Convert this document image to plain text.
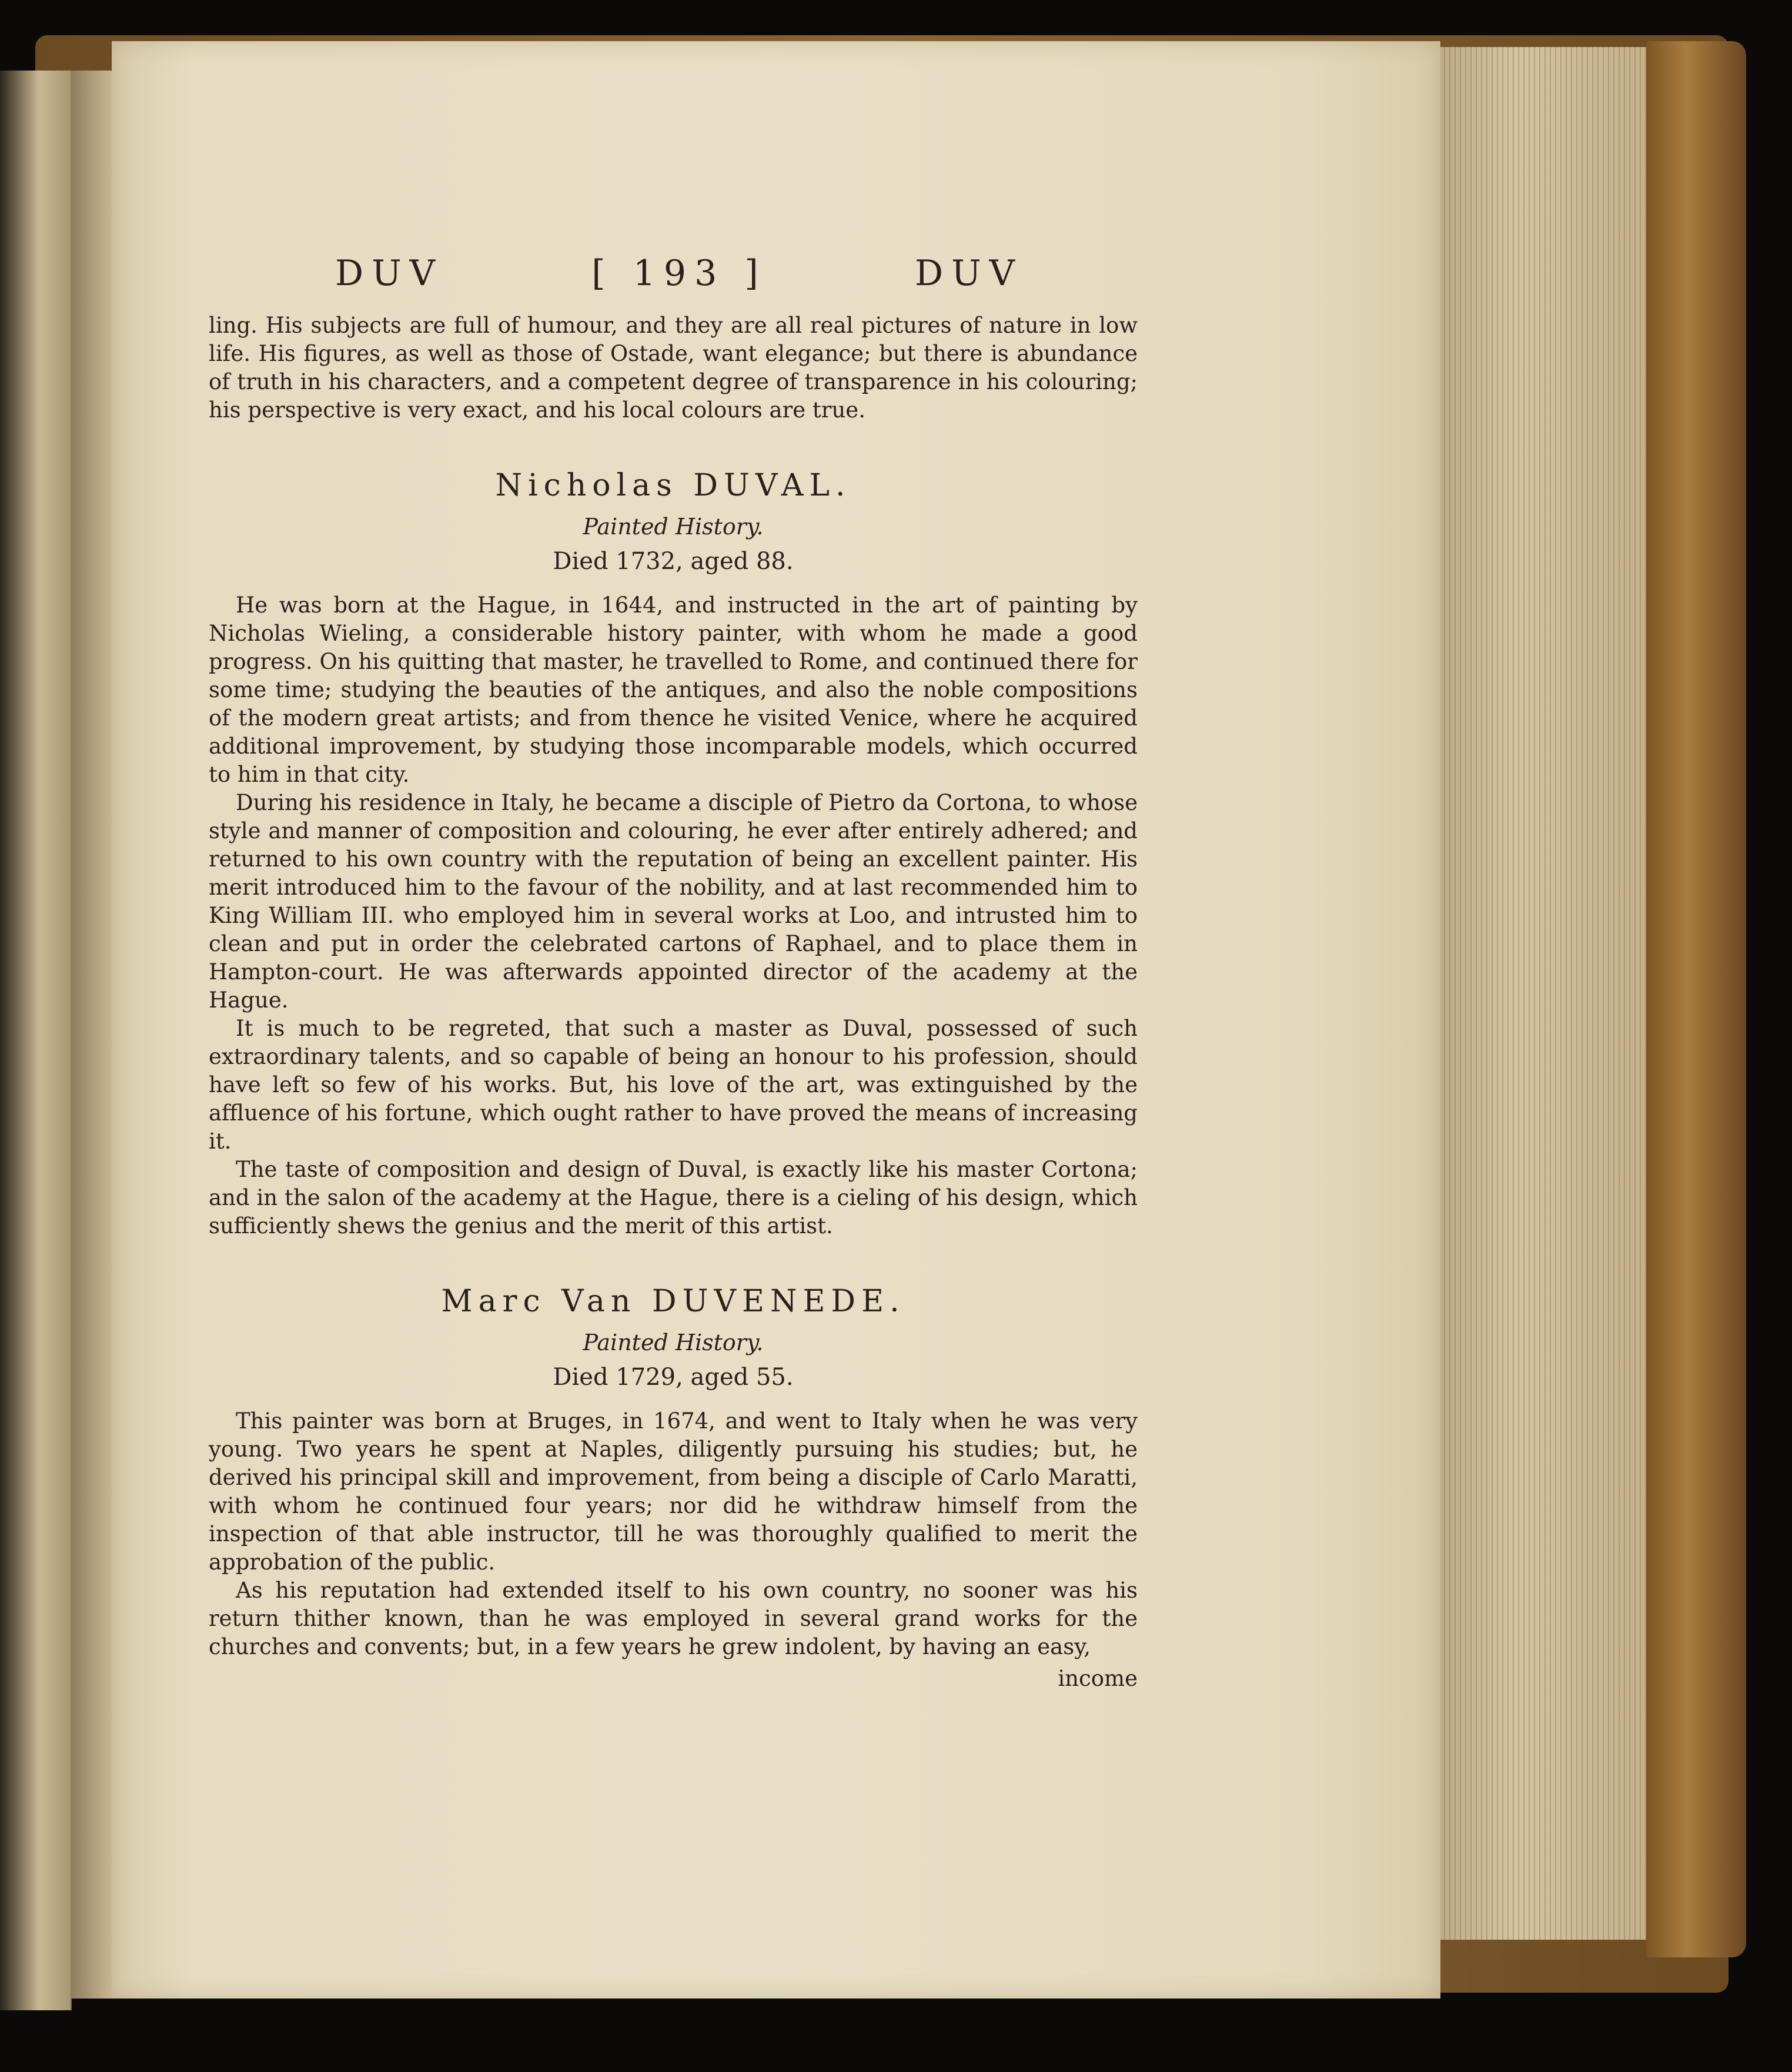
DUV	[ 193 ]	DUV

ling. His subjects are full of humour, and they are all real pictures of nature in low life. His figures, as well as those of Ostade, want elegance; but there is abundance of truth in his characters, and a competent degree of transparence in his colouring; his perspective is very exact, and his local colours are true.

Nicholas DUVAL.
Painted History.
Died 1732, aged 88.

He was born at the Hague, in 1644, and instructed in the art of painting by Nicholas Wieling, a considerable history painter, with whom he made a good progress. On his quitting that master, he travelled to Rome, and continued there for some time; studying the beauties of the antiques, and also the noble compositions of the modern great artists; and from thence he visited Venice, where he acquired additional improvement, by studying those incomparable models, which occurred to him in that city.

During his residence in Italy, he became a disciple of Pietro da Cortona, to whose style and manner of composition and colouring, he ever after entirely adhered; and returned to his own country with the reputation of being an excellent painter. His merit introduced him to the favour of the nobility, and at last recommended him to King William III. who employed him in several works at Loo, and intrusted him to clean and put in order the celebrated cartons of Raphael, and to place them in Hampton-court. He was afterwards appointed director of the academy at the Hague.

It is much to be regreted, that such a master as Duval, possessed of such extraordinary talents, and so capable of being an honour to his profession, should have left so few of his works. But, his love of the art, was extinguished by the affluence of his fortune, which ought rather to have proved the means of increasing it.

The taste of composition and design of Duval, is exactly like his master Cortona; and in the salon of the academy at the Hague, there is a cieling of his design, which sufficiently shews the genius and the merit of this artist.

Marc Van DUVENEDE.
Painted History.
Died 1729, aged 55.

This painter was born at Bruges, in 1674, and went to Italy when he was very young. Two years he spent at Naples, diligently pursuing his studies; but, he derived his principal skill and improvement, from being a disciple of Carlo Maratti, with whom he continued four years; nor did he withdraw himself from the inspection of that able instructor, till he was thoroughly qualified to merit the approbation of the public.

As his reputation had extended itself to his own country, no sooner was his return thither known, than he was employed in several grand works for the churches and convents; but, in a few years he grew indolent, by having an easy,

income
